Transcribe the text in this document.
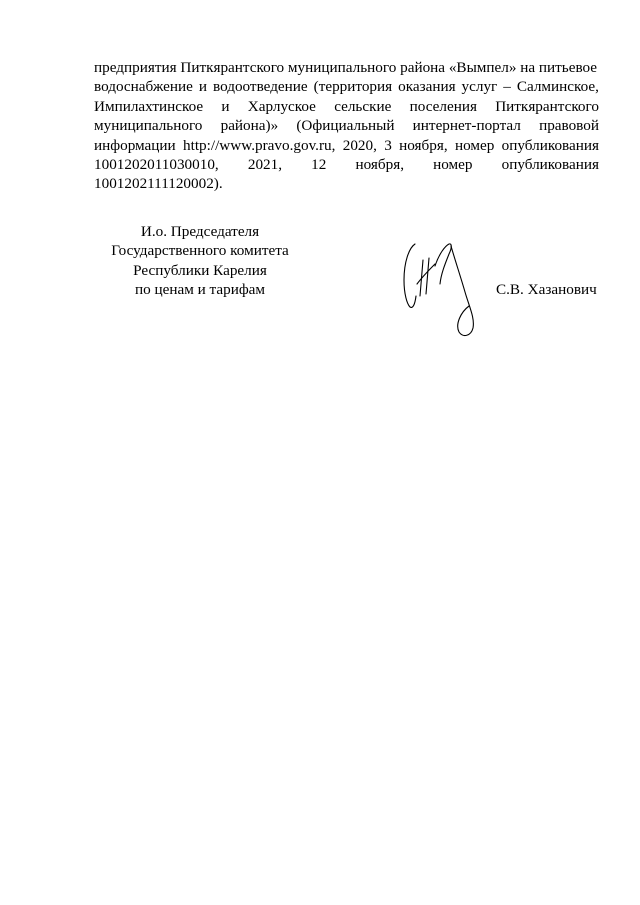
предприятия Питкярантского муниципального района «Вымпел» на питьевое
водоснабжение и водоотведение (территория оказания услуг – Салминское,
Импилахтинское и Харлуское сельские поселения Питкярантского
муниципального района)» (Официальный интернет-портал правовой
информации http://www.pravo.gov.ru, 2020, 3 ноября, номер опубликования
1001202011030010, 2021, 12 ноября, номер опубликования
1001202111120002).
И.о. Председателя
Государственного комитета
Республики Карелия
по ценам и тарифам	С.В. Хазанович
